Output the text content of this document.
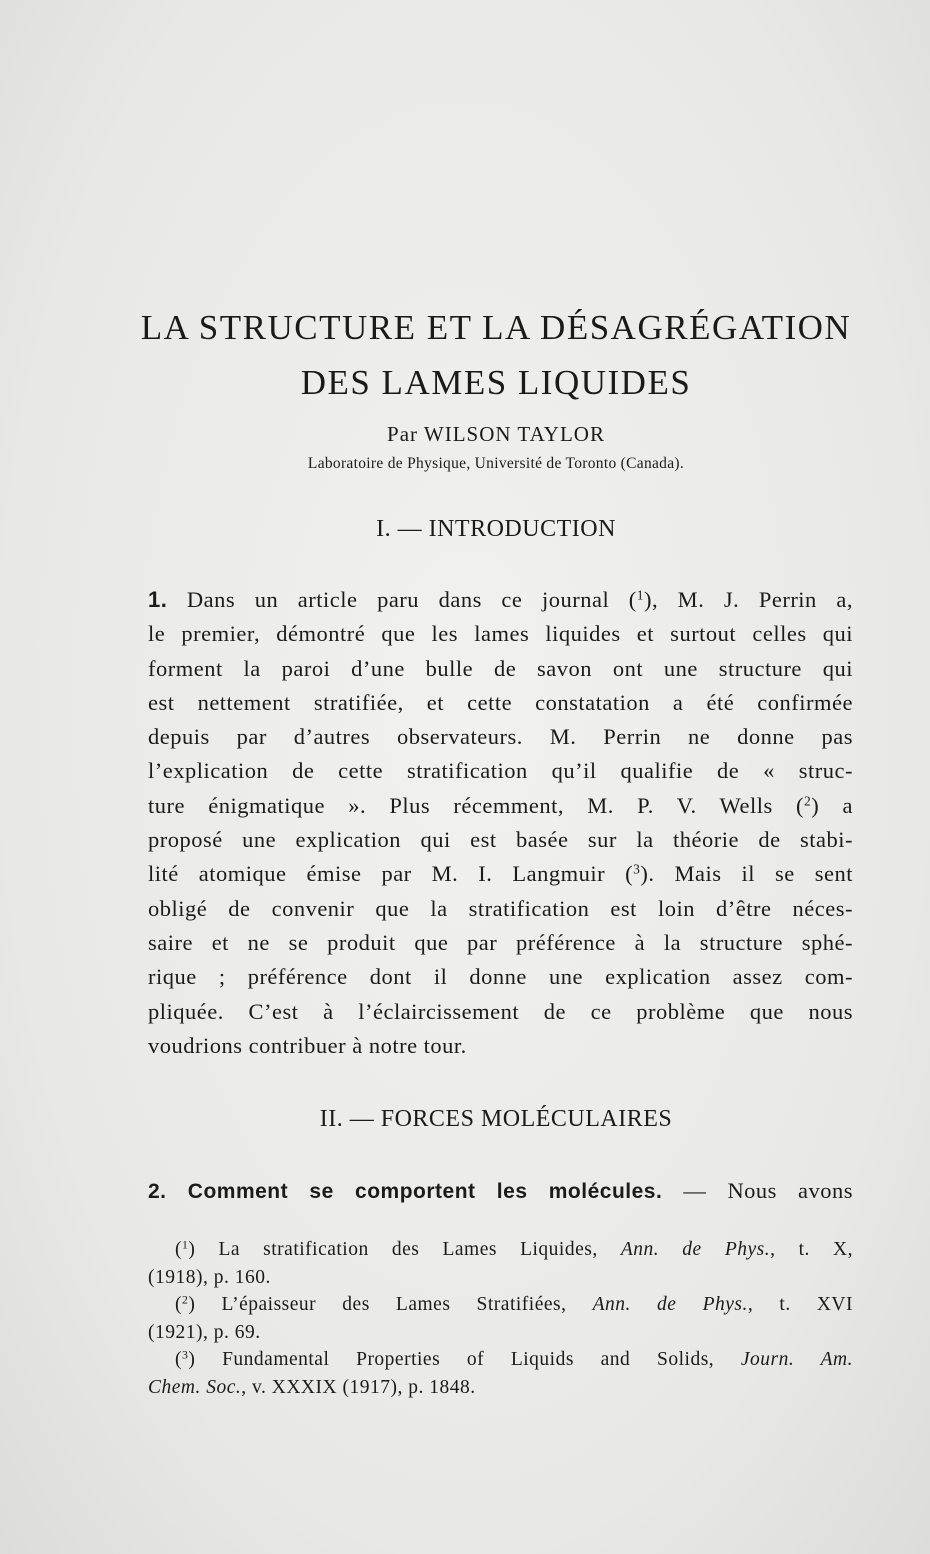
LA STRUCTURE ET LA DÉSAGRÉGATION
DES LAMES LIQUIDES
Par WILSON TAYLOR
Laboratoire de Physique, Université de Toronto (Canada).
I. — INTRODUCTION
1. Dans un article paru dans ce journal ($^1$), M. J. Perrin a,
le premier, démontré que les lames liquides et surtout celles qui
forment la paroi d’une bulle de savon ont une structure qui
est nettement stratifiée, et cette constatation a été confirmée
depuis par d’autres observateurs. M. Perrin ne donne pas
l’explication de cette stratification qu’il qualifie de « struc-
ture énigmatique ». Plus récemment, M. P. V. Wells ($^2$) a
proposé une explication qui est basée sur la théorie de stabi-
lité atomique émise par M. I. Langmuir ($^3$). Mais il se sent
obligé de convenir que la stratification est loin d’être néces-
saire et ne se produit que par préférence à la structure sphé-
rique ; préférence dont il donne une explication assez com-
pliquée. C’est à l’éclaircissement de ce problème que nous
voudrions contribuer à notre tour.
II. — FORCES MOLÉCULAIRES
2. Comment se comportent les molécules. — Nous avons
($^1$) La stratification des Lames Liquides, Ann. de Phys., t. X,
(1918), p. 160.
($^2$) L’épaisseur des Lames Stratifiées, Ann. de Phys., t. XVI
(1921), p. 69.
($^3$) Fundamental Properties of Liquids and Solids, Journ. Am.
Chem. Soc., v. XXXIX (1917), p. 1848.
